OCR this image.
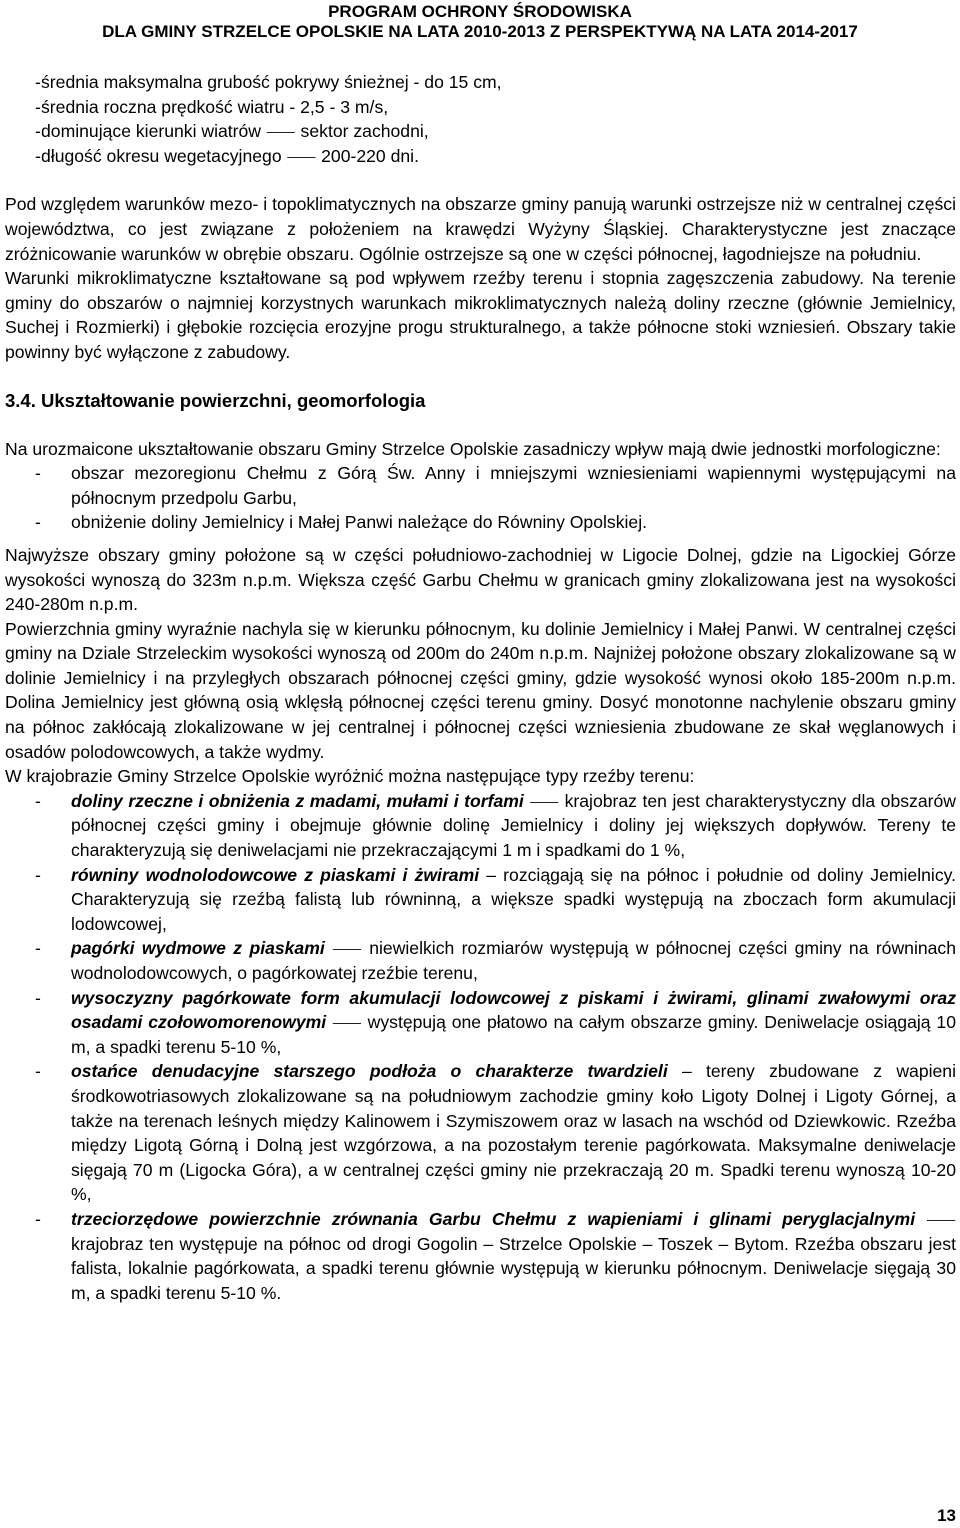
PROGRAM OCHRONY ŚRODOWISKA
DLA GMINY STRZELCE OPOLSKIE NA LATA 2010-2013 Z PERSPEKTYWĄ NA LATA 2014-2017

- średnia maksymalna grubość pokrywy śnieżnej - do 15 cm,

- średnia roczna prędkość wiatru - 2,5 - 3 m/s,

- dominujące kierunki wiatrów ⸺ sektor zachodni,

- długość okresu wegetacyjnego ⸺ 200-220 dni.

Pod względem warunków mezo- i topoklimatycznych na obszarze gminy panują warunki ostrzejsze niż w centralnej części województwa, co jest związane z położeniem na krawędzi Wyżyny Śląskiej. Charakterystyczne jest znaczące zróżnicowanie warunków w obrębie obszaru. Ogólnie ostrzejsze są one w części północnej, łagodniejsze na południu.

Warunki mikroklimatyczne kształtowane są pod wpływem rzeźby terenu i stopnia zagęszczenia zabudowy. Na terenie gminy do obszarów o najmniej korzystnych warunkach mikroklimatycznych należą doliny rzeczne (głównie Jemielnicy, Suchej i Rozmierki) i głębokie rozcięcia erozyjne progu strukturalnego, a także północne stoki wzniesień. Obszary takie powinny być wyłączone z zabudowy.

3.4. Ukształtowanie powierzchni, geomorfologia

Na urozmaicone ukształtowanie obszaru Gminy Strzelce Opolskie zasadniczy wpływ mają dwie jednostki morfologiczne:

- obszar mezoregionu Chełmu z Górą Św. Anny i mniejszymi wzniesieniami wapiennymi występującymi na północnym przedpolu Garbu,

- obniżenie doliny Jemielnicy i Małej Panwi należące do Równiny Opolskiej.

Najwyższe obszary gminy położone są w części południowo-zachodniej w Ligocie Dolnej, gdzie na Ligockiej Górze wysokości wynoszą do 323m n.p.m. Większa część Garbu Chełmu w granicach gminy zlokalizowana jest na wysokości 240-280m n.p.m.

Powierzchnia gminy wyraźnie nachyla się w kierunku północnym, ku dolinie Jemielnicy i Małej Panwi. W centralnej części gminy na Dziale Strzeleckim wysokości wynoszą od 200m do 240m n.p.m. Najniżej położone obszary zlokalizowane są w dolinie Jemielnicy i na przyległych obszarach północnej części gminy, gdzie wysokość wynosi około 185-200m n.p.m. Dolina Jemielnicy jest główną osią wklęsłą północnej części terenu gminy. Dosyć monotonne nachylenie obszaru gminy na północ zakłócają zlokalizowane w jej centralnej i północnej części wzniesienia zbudowane ze skał węglanowych i osadów polodowcowych, a także wydmy.

W krajobrazie Gminy Strzelce Opolskie wyróżnić można następujące typy rzeźby terenu:

- doliny rzeczne i obniżenia z madami, mułami i torfami ⸺ krajobraz ten jest charakterystyczny dla obszarów północnej części gminy i obejmuje głównie dolinę Jemielnicy i doliny jej większych dopływów. Tereny te charakteryzują się deniwelacjami nie przekraczającymi 1 m i spadkami do 1 %,

- równiny wodnolodowcowe z piaskami i żwirami – rozciągają się na północ i południe od doliny Jemielnicy. Charakteryzują się rzeźbą falistą lub równinną, a większe spadki występują na zboczach form akumulacji lodowcowej,

- pagórki wydmowe z piaskami ⸺ niewielkich rozmiarów występują w północnej części gminy na równinach wodnolodowcowych, o pagórkowatej rzeźbie terenu,

- wysoczyzny pagórkowate form akumulacji lodowcowej z piskami i żwirami, glinami zwałowymi oraz osadami czołowomorenowymi ⸺ występują one płatowo na całym obszarze gminy. Deniwelacje osiągają 10 m, a spadki terenu 5-10 %,

- ostańce denudacyjne starszego podłoża o charakterze twardzieli – tereny zbudowane z wapieni środkowotriasowych zlokalizowane są na południowym zachodzie gminy koło Ligoty Dolnej i Ligoty Górnej, a także na terenach leśnych między Kalinowem i Szymiszowem oraz w lasach na wschód od Dziewkowic. Rzeźba między Ligotą Górną i Dolną jest wzgórzowa, a na pozostałym terenie pagórkowata. Maksymalne deniwelacje sięgają 70 m (Ligocka Góra), a w centralnej części gminy nie przekraczają 20 m. Spadki terenu wynoszą 10-20 %,

- trzeciorzędowe powierzchnie zrównania Garbu Chełmu z wapieniami i glinami peryglacjalnymi ⸺ krajobraz ten występuje na północ od drogi Gogolin – Strzelce Opolskie – Toszek – Bytom. Rzeźba obszaru jest falista, lokalnie pagórkowata, a spadki terenu głównie występują w kierunku północnym. Deniwelacje sięgają 30 m, a spadki terenu 5-10 %.

13
